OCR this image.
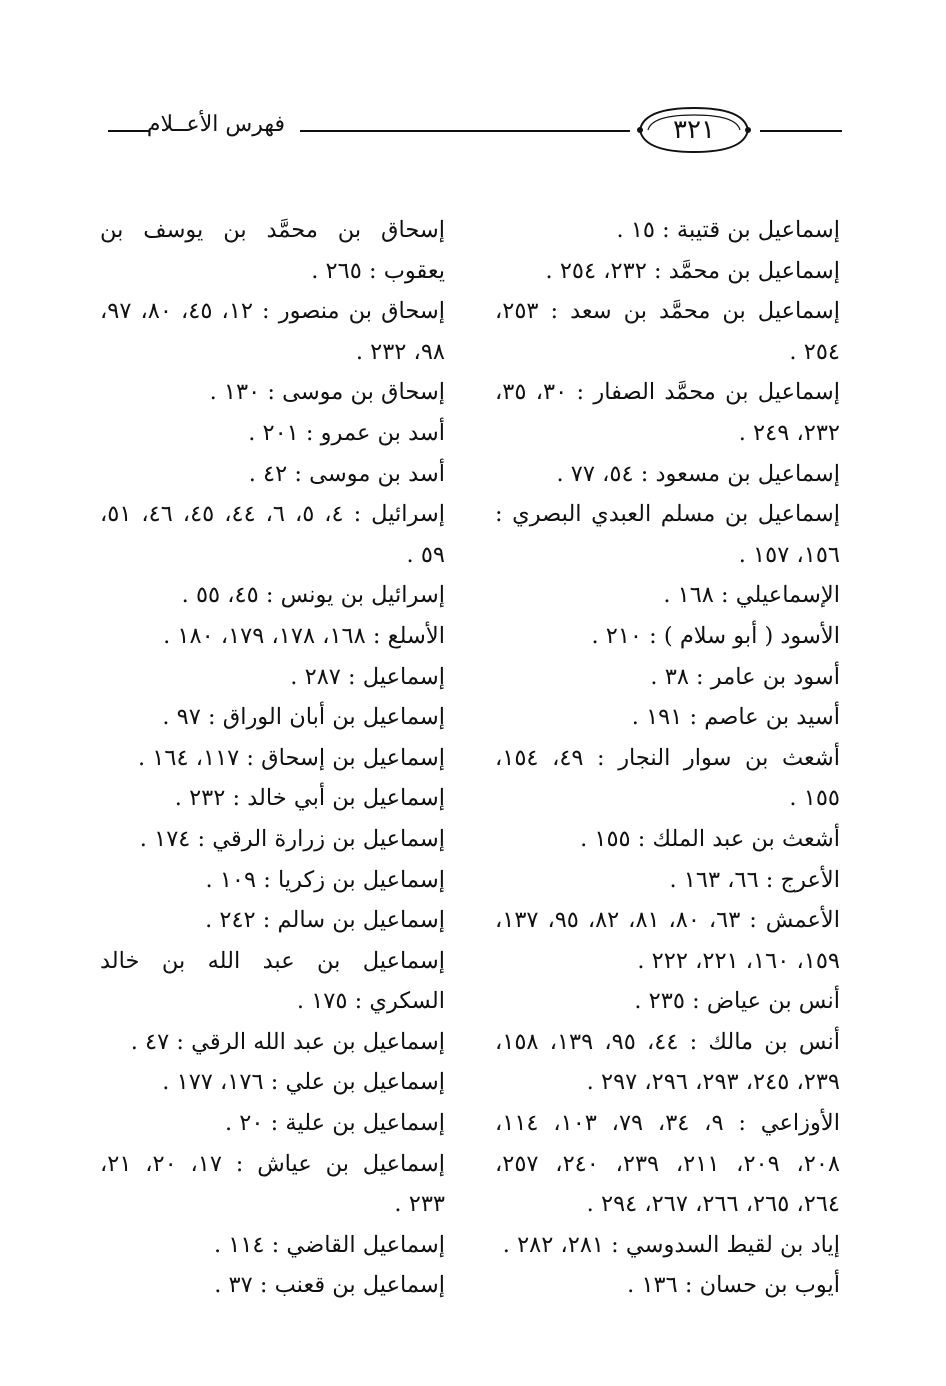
فهرس الأعــلام	٣٢١
إسماعيل بن قتيبة : ١٥ .
إسماعيل بن محمَّد : ٢٣٢، ٢٥٤ .
إسماعيل بن محمَّد بن سعد : ٢٥٣، ٢٥٤ .
إسماعيل بن محمَّد الصفار : ٣٠، ٣٥، ٢٣٢، ٢٤٩ .
إسماعيل بن مسعود : ٥٤، ٧٧ .
إسماعيل بن مسلم العبدي البصري : ١٥٦، ١٥٧ .
الإسماعيلي : ١٦٨ .
الأسود ( أبو سلام ) : ٢١٠ .
أسود بن عامر : ٣٨ .
أسيد بن عاصم : ١٩١ .
أشعث بن سوار النجار : ٤٩، ١٥٤، ١٥٥ .
أشعث بن عبد الملك : ١٥٥ .
الأعرج : ٦٦، ١٦٣ .
الأعمش : ٦٣، ٨٠، ٨١، ٨٢، ٩٥، ١٣٧، ١٥٩، ١٦٠، ٢٢١، ٢٢٢ .
أنس بن عياض : ٢٣٥ .
أنس بن مالك : ٤٤، ٩٥، ١٣٩، ١٥٨، ٢٣٩، ٢٤٥، ٢٩٣، ٢٩٦، ٢٩٧ .
الأوزاعي : ٩، ٣٤، ٧٩، ١٠٣، ١١٤، ٢٠٨، ٢٠٩، ٢١١، ٢٣٩، ٢٤٠، ٢٥٧، ٢٦٤، ٢٦٥، ٢٦٦، ٢٦٧، ٢٩٤ .
إياد بن لقيط السدوسي : ٢٨١، ٢٨٢ .
أيوب بن حسان : ١٣٦ .
إسحاق بن محمَّد بن يوسف بن يعقوب : ٢٦٥ .
إسحاق بن منصور : ١٢، ٤٥، ٨٠، ٩٧، ٩٨، ٢٣٢ .
إسحاق بن موسى : ١٣٠ .
أسد بن عمرو : ٢٠١ .
أسد بن موسى : ٤٢ .
إسرائيل : ٤، ٥، ٦، ٤٤، ٤٥، ٤٦، ٥١، ٥٩ .
إسرائيل بن يونس : ٤٥، ٥٥ .
الأسلع : ١٦٨، ١٧٨، ١٧٩، ١٨٠ .
إسماعيل : ٢٨٧ .
إسماعيل بن أبان الوراق : ٩٧ .
إسماعيل بن إسحاق : ١١٧، ١٦٤ .
إسماعيل بن أبي خالد : ٢٣٢ .
إسماعيل بن زرارة الرقي : ١٧٤ .
إسماعيل بن زكريا : ١٠٩ .
إسماعيل بن سالم : ٢٤٢ .
إسماعيل بن عبد الله بن خالد السكري : ١٧٥ .
إسماعيل بن عبد الله الرقي : ٤٧ .
إسماعيل بن علي : ١٧٦، ١٧٧ .
إسماعيل بن علية : ٢٠ .
إسماعيل بن عياش : ١٧، ٢٠، ٢١، ٢٣٣ .
إسماعيل القاضي : ١١٤ .
إسماعيل بن قعنب : ٣٧ .
